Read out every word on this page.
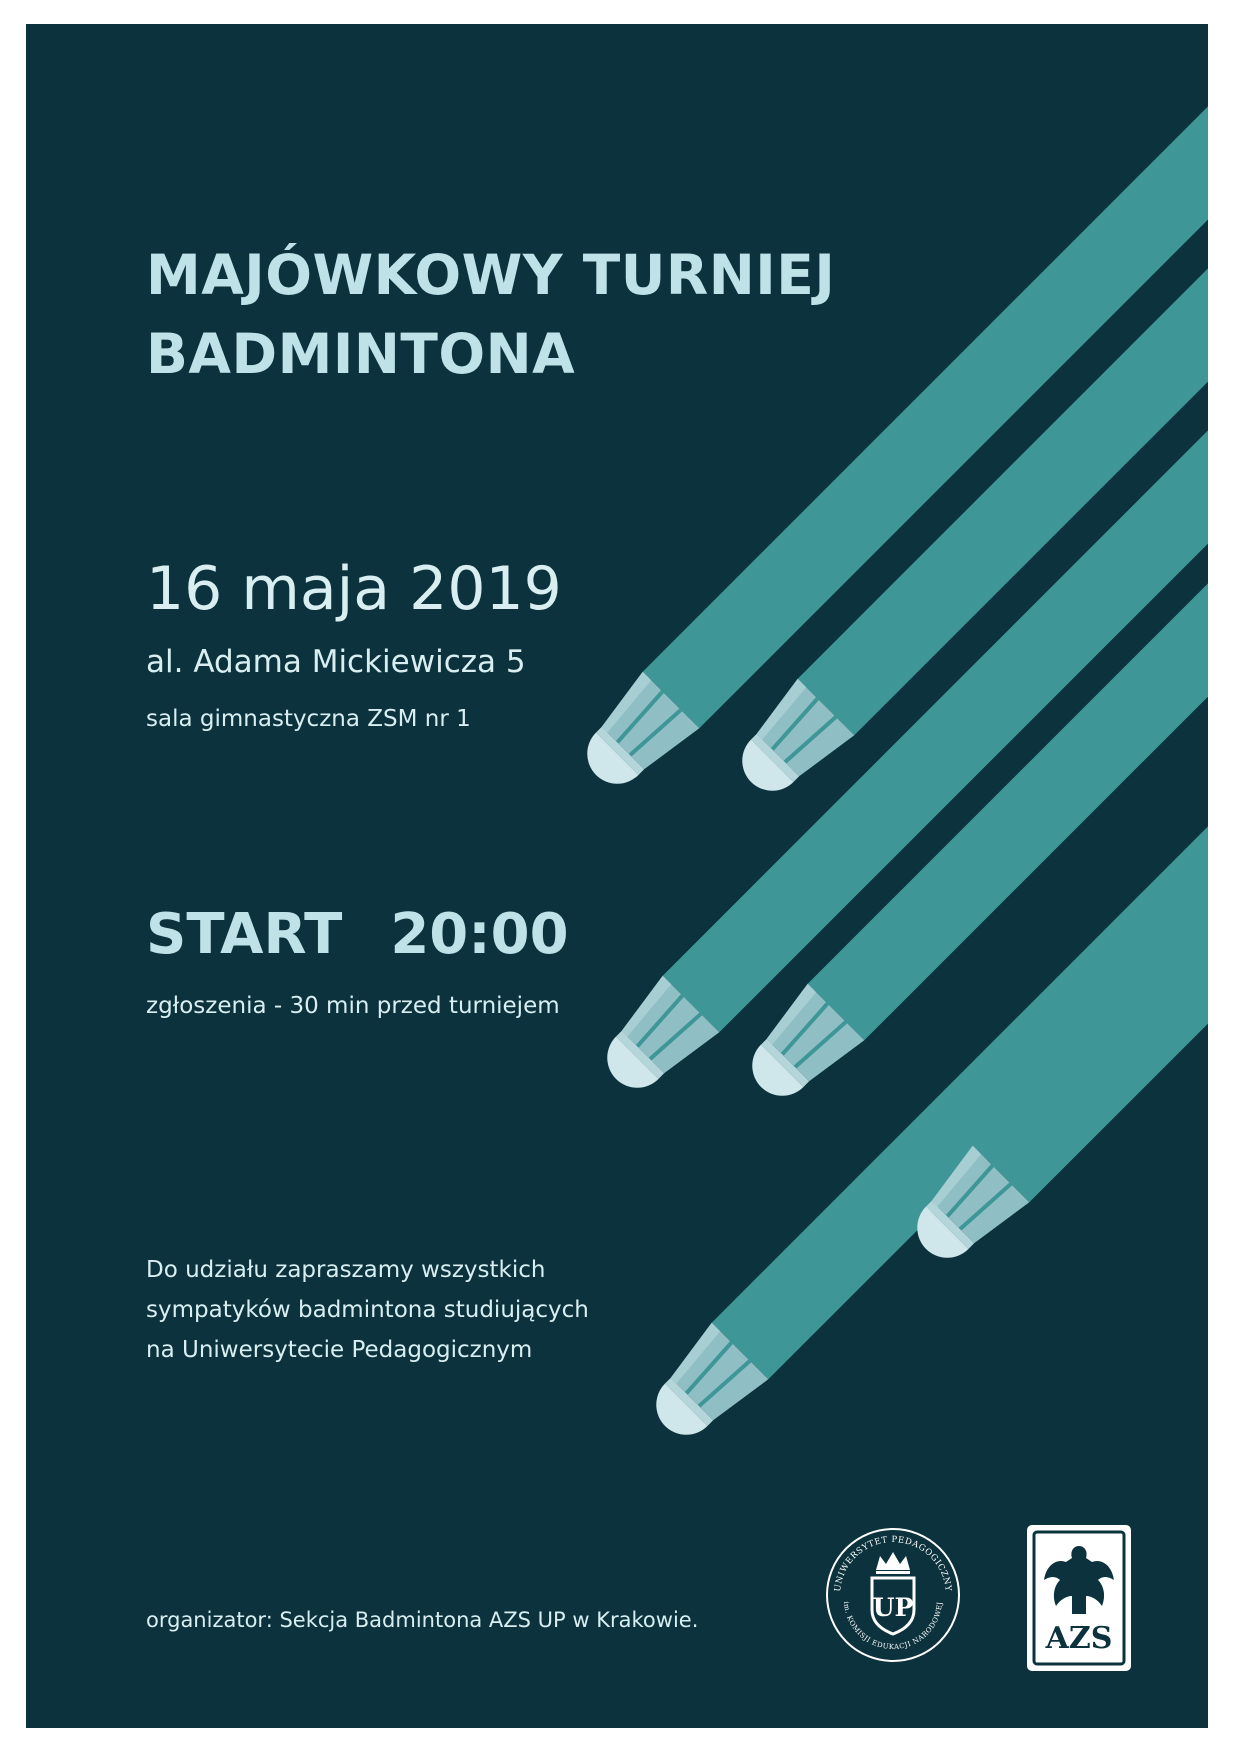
MAJÓWKOWY TURNIEJ
BADMINTONA
16 maja 2019
al. Adama Mickiewicza 5
sala gimnastyczna ZSM nr 1
START 20:00
zgłoszenia - 30 min przed turniejem
Do udziału zapraszamy wszystkich
sympatyków badmintona studiujących
na Uniwersytecie Pedagogicznym
organizator: Sekcja Badmintona AZS UP w Krakowie.
UNIWERSYTET PEDAGOGICZNY
im. KOMISJI EDUKACJI NARODOWEJ
UP
AZS
